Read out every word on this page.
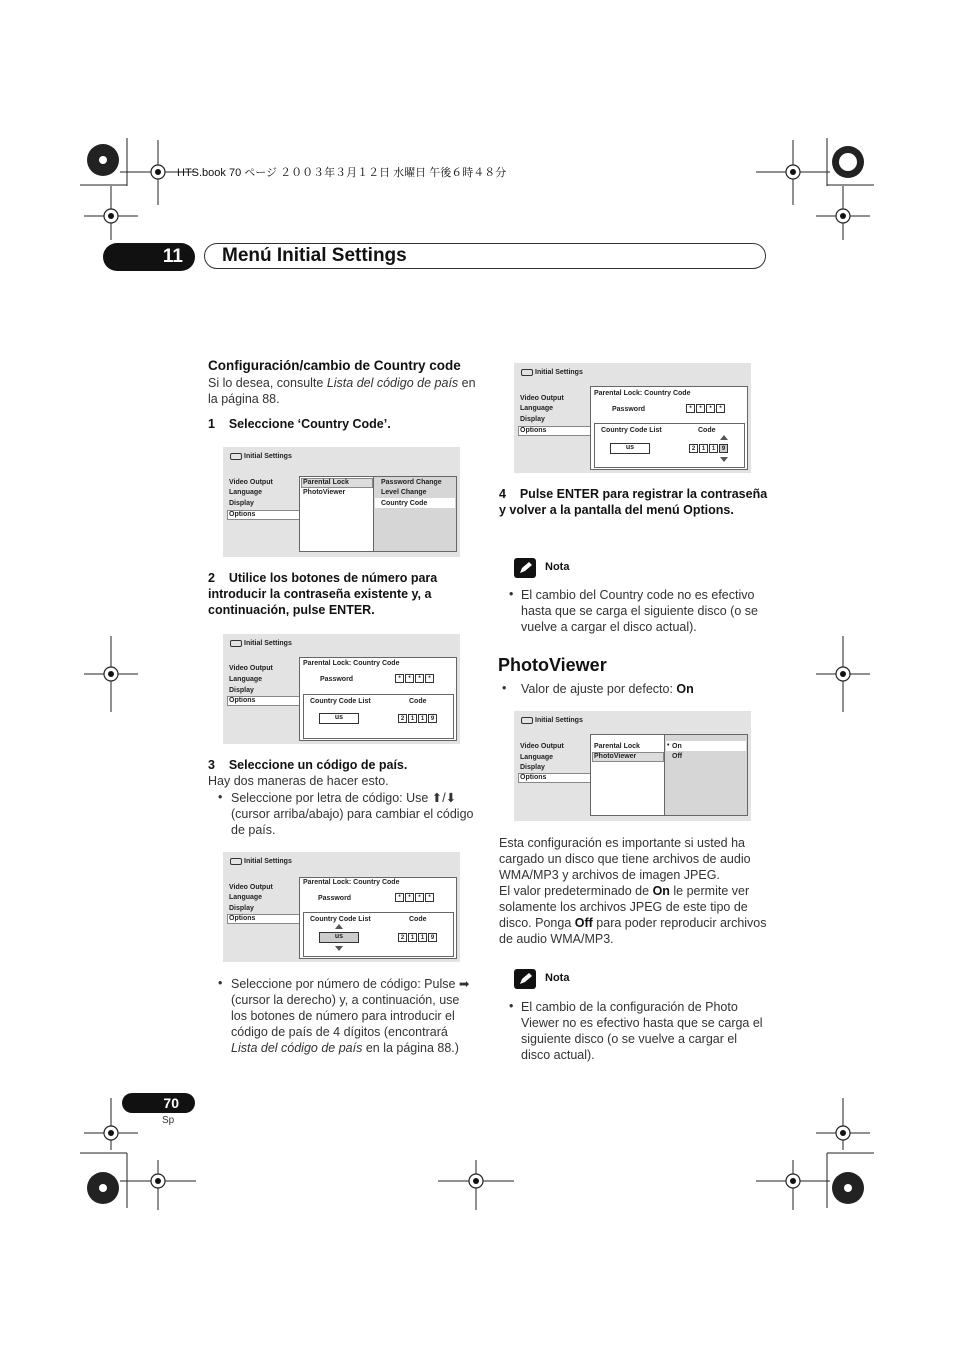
HTS.book 70 ページ ２００３年３月１２日 水曜日 午後６時４８分
11	Menú Initial Settings
Configuración/cambio de Country code
Si lo desea, consulte Lista del código de país en la página 88.
1    Seleccione ‘Country Code’.
Initial Settings
Video Output
Language
Display
Options
Parental Lock
PhotoViewer
Password Change
Level Change
Country Code
2    Utilice los botones de número para introducir la contraseña existente y, a continuación, pulse ENTER.
Initial Settings
Video Output
Language
Display
Options
Parental Lock: Country Code
Password	*	*	*	*
Country Code List	Code
us	2	1	1	9
3    Seleccione un código de país.
Hay dos maneras de hacer esto.
• Seleccione por letra de código: Use ⬆/⬇ (cursor arriba/abajo) para cambiar el código de país.
Initial Settings
Video Output
Language
Display
Options
Parental Lock: Country Code
Password	*	*	*	*
Country Code List	Code
us	2	1	1	9
• Seleccione por número de código: Pulse ➡ (cursor la derecho) y, a continuación, use los botones de número para introducir el código de país de 4 dígitos (encontrará Lista del código de país en la página 88.)
Initial Settings
Video Output
Language
Display
Options
Parental Lock: Country Code
Password	*	*	*	*
Country Code List	Code
us	2	1	1	9
4    Pulse ENTER para registrar la contraseña y volver a la pantalla del menú Options.
Nota
• El cambio del Country code no es efectivo hasta que se carga el siguiente disco (o se vuelve a cargar el disco actual).
PhotoViewer
• Valor de ajuste por defecto: On
Initial Settings
Video Output
Language
Display
Options
Parental Lock
PhotoViewer
• On
Off
Esta configuración es importante si usted ha cargado un disco que tiene archivos de audio WMA/MP3 y archivos de imagen JPEG.
El valor predeterminado de On le permite ver solamente los archivos JPEG de este tipo de disco. Ponga Off para poder reproducir archivos de audio WMA/MP3.
Nota
• El cambio de la configuración de Photo Viewer no es efectivo hasta que se carga el siguiente disco (o se vuelve a cargar el disco actual).
70
Sp
